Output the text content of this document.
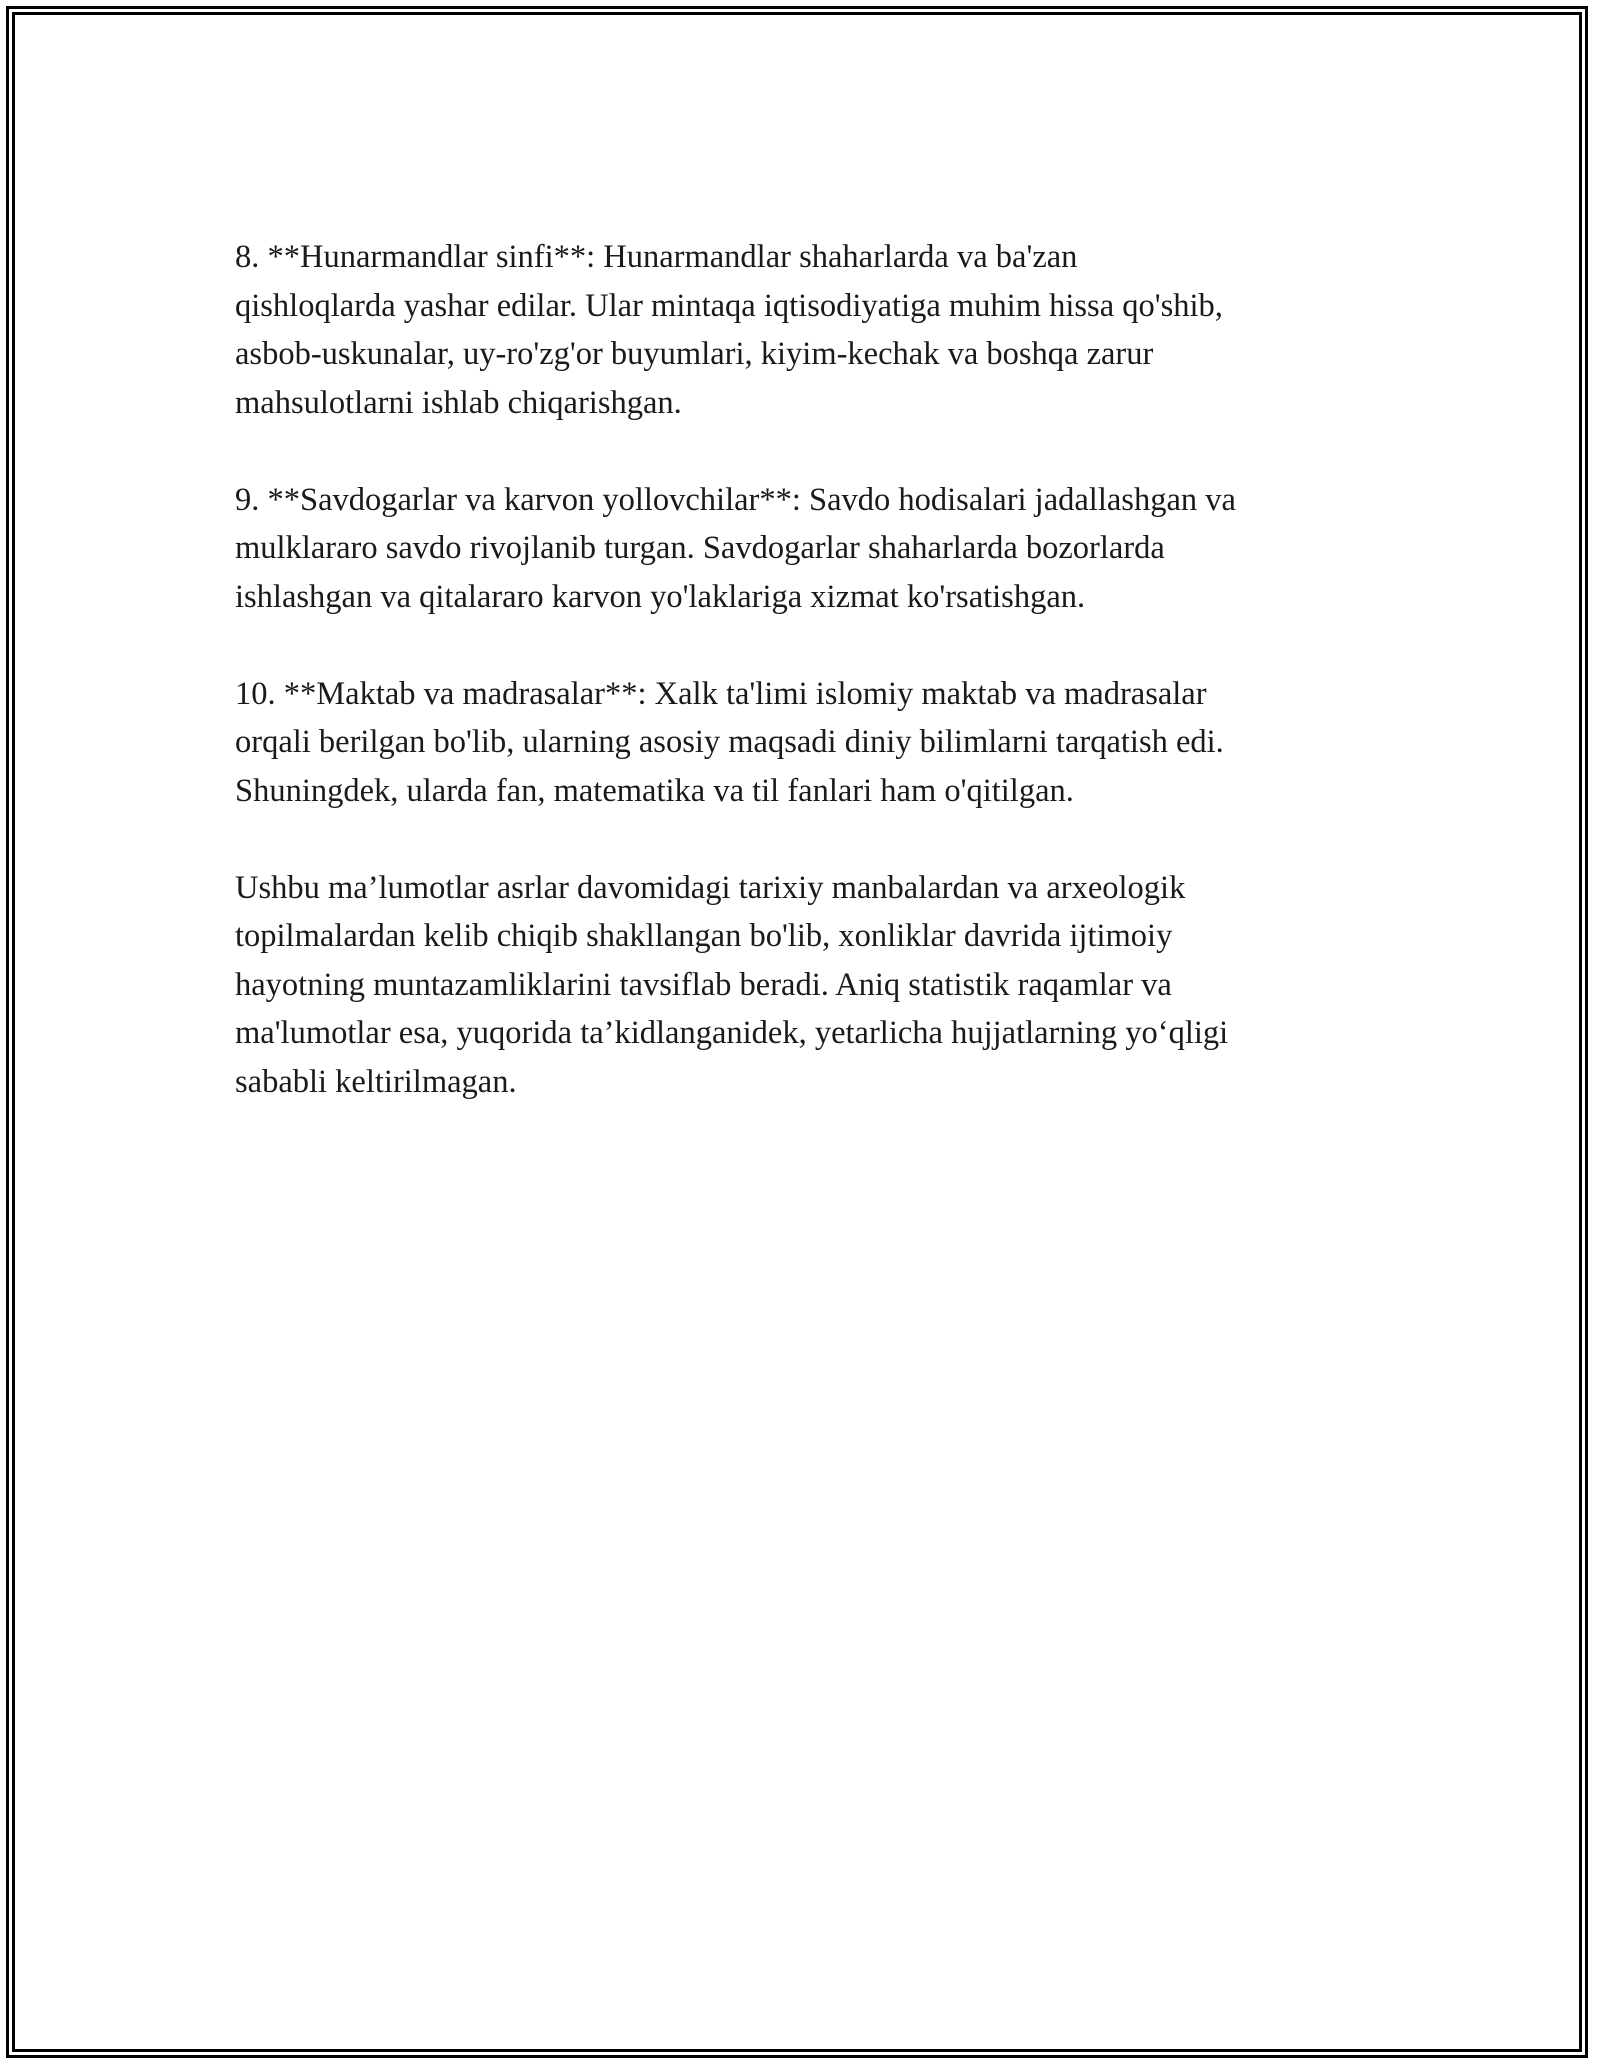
8. **Hunarmandlar sinfi**: Hunarmandlar shaharlarda va ba'zan
qishloqlarda yashar edilar. Ular mintaqa iqtisodiyatiga muhim hissa qo'shib,
asbob-uskunalar, uy-ro'zg'or buyumlari, kiyim-kechak va boshqa zarur
mahsulotlarni ishlab chiqarishgan.

9. **Savdogarlar va karvon yollovchilar**: Savdo hodisalari jadallashgan va
mulklararo savdo rivojlanib turgan. Savdogarlar shaharlarda bozorlarda
ishlashgan va qitalararo karvon yo'laklariga xizmat ko'rsatishgan.

10. **Maktab va madrasalar**: Xalk ta'limi islomiy maktab va madrasalar
orqali berilgan bo'lib, ularning asosiy maqsadi diniy bilimlarni tarqatish edi.
Shuningdek, ularda fan, matematika va til fanlari ham o'qitilgan.

Ushbu ma’lumotlar asrlar davomidagi tarixiy manbalardan va arxeologik
topilmalardan kelib chiqib shakllangan bo'lib, xonliklar davrida ijtimoiy
hayotning muntazamliklarini tavsiflab beradi. Aniq statistik raqamlar va
ma'lumotlar esa, yuqorida ta’kidlanganidek, yetarlicha hujjatlarning yo‘qligi
sababli keltirilmagan.
